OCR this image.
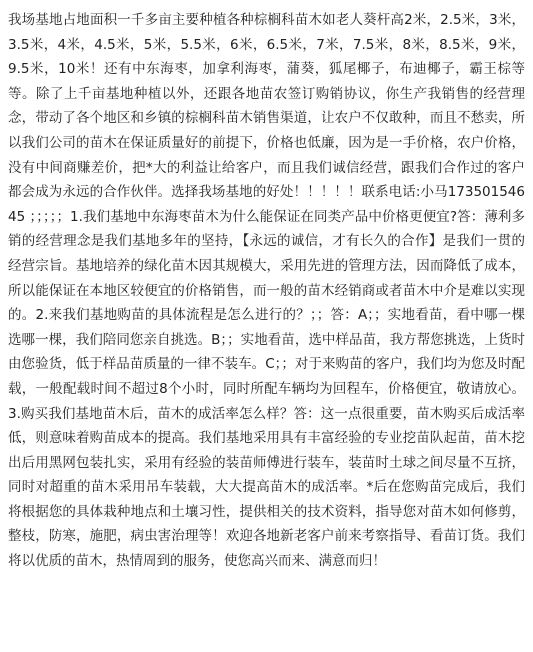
我场基地占地面积一千多亩主要种植各种棕榈科苗木如老人葵杆高2米，2.5米，3米，3.5米，4米，4.5米，5米，5.5米，6米，6.5米，7米，7.5米，8米，8.5米，9米，9.5米，10米！还有中东海枣，加拿利海枣，蒲葵，狐尾椰子，布迪椰子，霸王棕等等。除了上千亩基地种植以外，还跟各地苗农签订购销协议，你生产我销售的经营理念，带动了各个地区和乡镇的棕榈科苗木销售渠道，让农户不仅敢种，而且不愁卖，所以我们公司的苗木在保证质量好的前提下，价格也低廉，因为是一手价格，农户价格，没有中间商赚差价，把*大的利益让给客户，而且我们诚信经营，跟我们合作过的客户都会成为永远的合作伙伴。选择我场基地的好处！！！！！联系电话:小马17350154645 ；；；；；1.我们基地中东海枣苗木为什么能保证在同类产品中价格更便宜?答：薄利多销的经营理念是我们基地多年的坚持，【永远的诚信，才有长久的合作】是我们一贯的经营宗旨。基地培养的绿化苗木因其规模大，采用先进的管理方法，因而降低了成本，所以能保证在本地区较便宜的价格销售，而一般的苗木经销商或者苗木中介是难以实现的。2.来我们基地购苗的具体流程是怎么进行的？；；答：A；；实地看苗，看中哪一棵选哪一棵，我们陪同您亲自挑选。B；；实地看苗，选中样品苗，我方帮您挑选，上货时由您验货，低于样品苗质量的一律不装车。C；；对于来购苗的客户，我们均为您及时配载，一般配载时间不超过8个小时，同时所配车辆均为回程车，价格便宜，敬请放心。3.购买我们基地苗木后，苗木的成活率怎么样？答：这一点很重要，苗木购买后成活率低，则意味着购苗成本的提高。我们基地采用具有丰富经验的专业挖苗队起苗，苗木挖出后用黑网包装扎实，采用有经验的装苗师傅进行装车，装苗时土球之间尽量不互挤，同时对超重的苗木采用吊车装载，大大提高苗木的成活率。*后在您购苗完成后，我们将根据您的具体栽种地点和土壤习性，提供相关的技术资料，指导您对苗木如何修剪，整枝，防寒，施肥，病虫害治理等！欢迎各地新老客户前来考察指导、看苗订货。我们将以优质的苗木，热情周到的服务，使您高兴而来、满意而归！
